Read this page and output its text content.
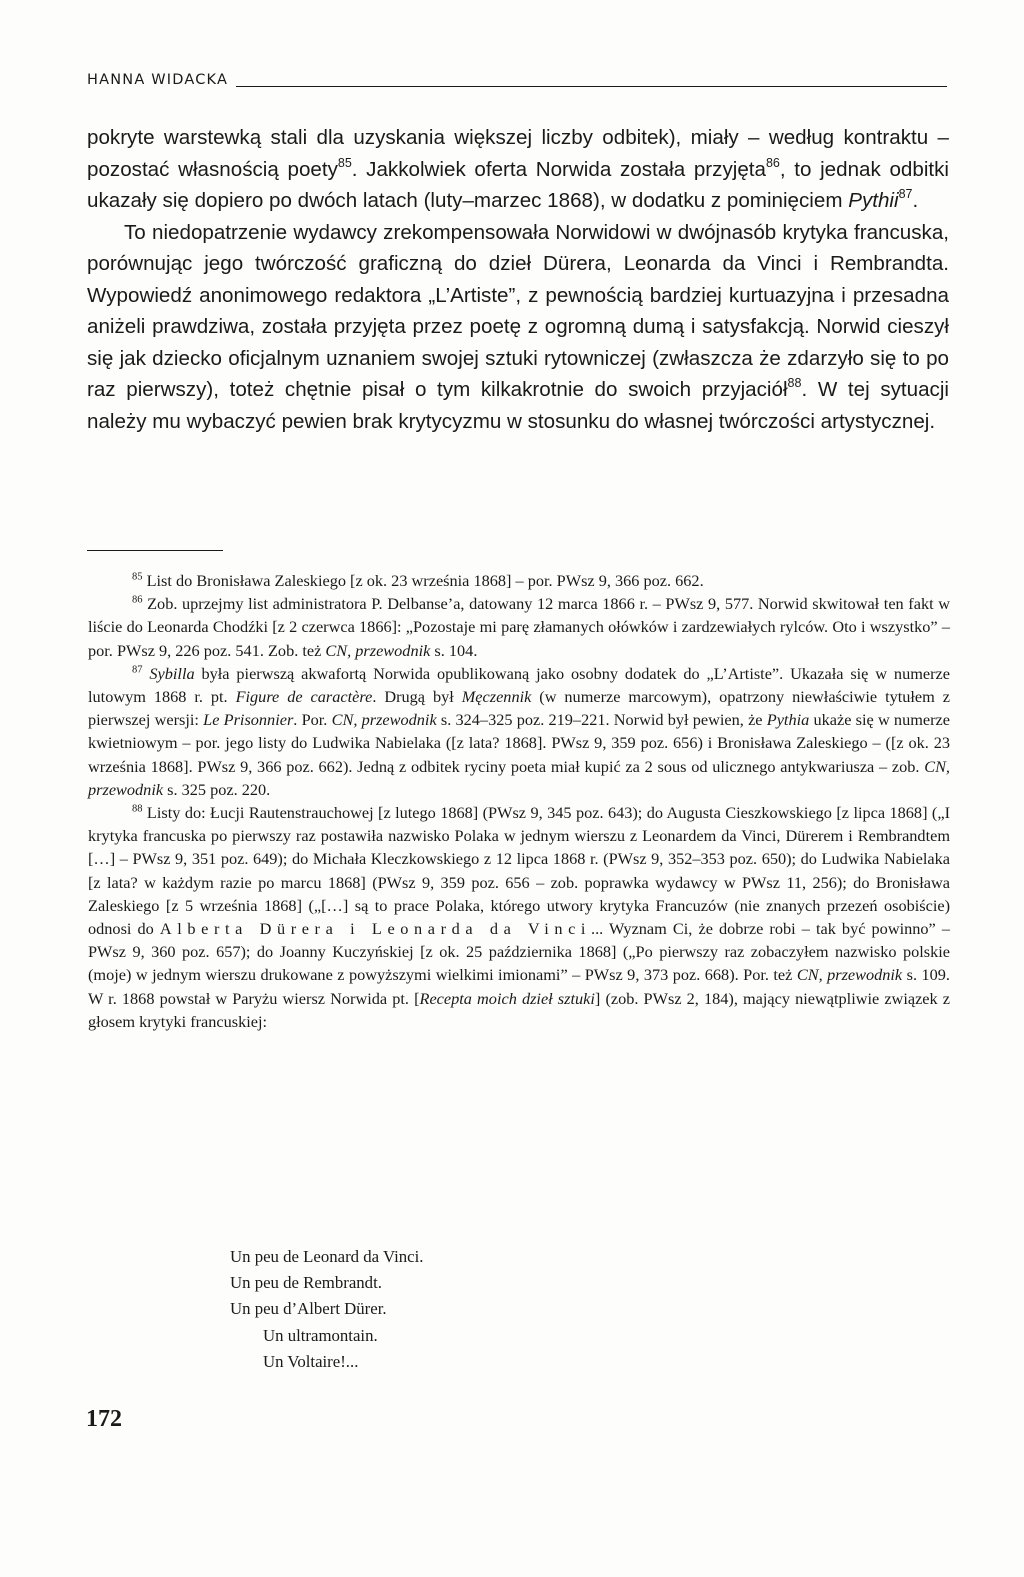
HANNA WIDACKA

pokryte warstewką stali dla uzyskania większej liczby odbitek), miały – według kontraktu – pozostać własnością poety$^{85}$. Jakkolwiek oferta Norwida została przyjęta$^{86}$, to jednak odbitki ukazały się dopiero po dwóch latach (luty–marzec 1868), w dodatku z pominięciem Pythii$^{87}$.

To niedopatrzenie wydawcy zrekompensowała Norwidowi w dwójnasób krytyka francuska, porównując jego twórczość graficzną do dzieł Dürera, Leonarda da Vinci i Rembrandta. Wypowiedź anonimowego redaktora „L’Artiste”, z pewnością bardziej kurtuazyjna i przesadna aniżeli prawdziwa, została przyjęta przez poetę z ogromną dumą i satysfakcją. Norwid cieszył się jak dziecko oficjalnym uznaniem swojej sztuki rytowniczej (zwłaszcza że zdarzyło się to po raz pierwszy), toteż chętnie pisał o tym kilkakrotnie do swoich przyjaciół$^{88}$. W tej sytuacji należy mu wybaczyć pewien brak krytycyzmu w stosunku do własnej twórczości artystycznej.

$^{85}$ List do Bronisława Zaleskiego [z ok. 23 września 1868] – por. PWsz 9, 366 poz. 662.

$^{86}$ Zob. uprzejmy list administratora P. Delbanse’a, datowany 12 marca 1866 r. – PWsz 9, 577. Norwid skwitował ten fakt w liście do Leonarda Chodźki [z 2 czerwca 1866]: „Pozostaje mi parę złamanych ołówków i zardzewiałych rylców. Oto i wszystko” – por. PWsz 9, 226 poz. 541. Zob. też CN, przewodnik s. 104.

$^{87}$ Sybilla była pierwszą akwafortą Norwida opublikowaną jako osobny dodatek do „L’Artiste”. Ukazała się w numerze lutowym 1868 r. pt. Figure de caractère. Drugą był Męczennik (w numerze marcowym), opatrzony niewłaściwie tytułem z pierwszej wersji: Le Prisonnier. Por. CN, przewodnik s. 324–325 poz. 219–221. Norwid był pewien, że Pythia ukaże się w numerze kwietniowym – por. jego listy do Ludwika Nabielaka ([z lata? 1868]. PWsz 9, 359 poz. 656) i Bronisława Zaleskiego – ([z ok. 23 września 1868]. PWsz 9, 366 poz. 662). Jedną z odbitek ryciny poeta miał kupić za 2 sous od ulicznego antykwariusza – zob. CN, przewodnik s. 325 poz. 220.

$^{88}$ Listy do: Łucji Rautenstrauchowej [z lutego 1868] (PWsz 9, 345 poz. 643); do Augusta Cieszkowskiego [z lipca 1868] („I krytyka francuska po pierwszy raz postawiła nazwisko Polaka w jednym wierszu z Leonardem da Vinci, Dürerem i Rembrandtem […] – PWsz 9, 351 poz. 649); do Michała Kleczkowskiego z 12 lipca 1868 r. (PWsz 9, 352–353 poz. 650); do Ludwika Nabielaka [z lata? w każdym razie po marcu 1868] (PWsz 9, 359 poz. 656 – zob. poprawka wydawcy w PWsz 11, 256); do Bronisława Zaleskiego [z 5 września 1868] („[…] są to prace Polaka, którego utwory krytyka Francuzów (nie znanych przezeń osobiście) odnosi do Alberta Dürera i Leonarda da Vinci... Wyznam Ci, że dobrze robi – tak być powinno” – PWsz 9, 360 poz. 657); do Joanny Kuczyńskiej [z ok. 25 października 1868] („Po pierwszy raz zobaczyłem nazwisko polskie (moje) w jednym wierszu drukowane z powyższymi wielkimi imionami” – PWsz 9, 373 poz. 668). Por. też CN, przewodnik s. 109. W r. 1868 powstał w Paryżu wiersz Norwida pt. [Recepta moich dzieł sztuki] (zob. PWsz 2, 184), mający niewątpliwie związek z głosem krytyki francuskiej:

Un peu de Leonard da Vinci.
Un peu de Rembrandt.
Un peu d’Albert Dürer.
Un ultramontain.
Un Voltaire!...
172
